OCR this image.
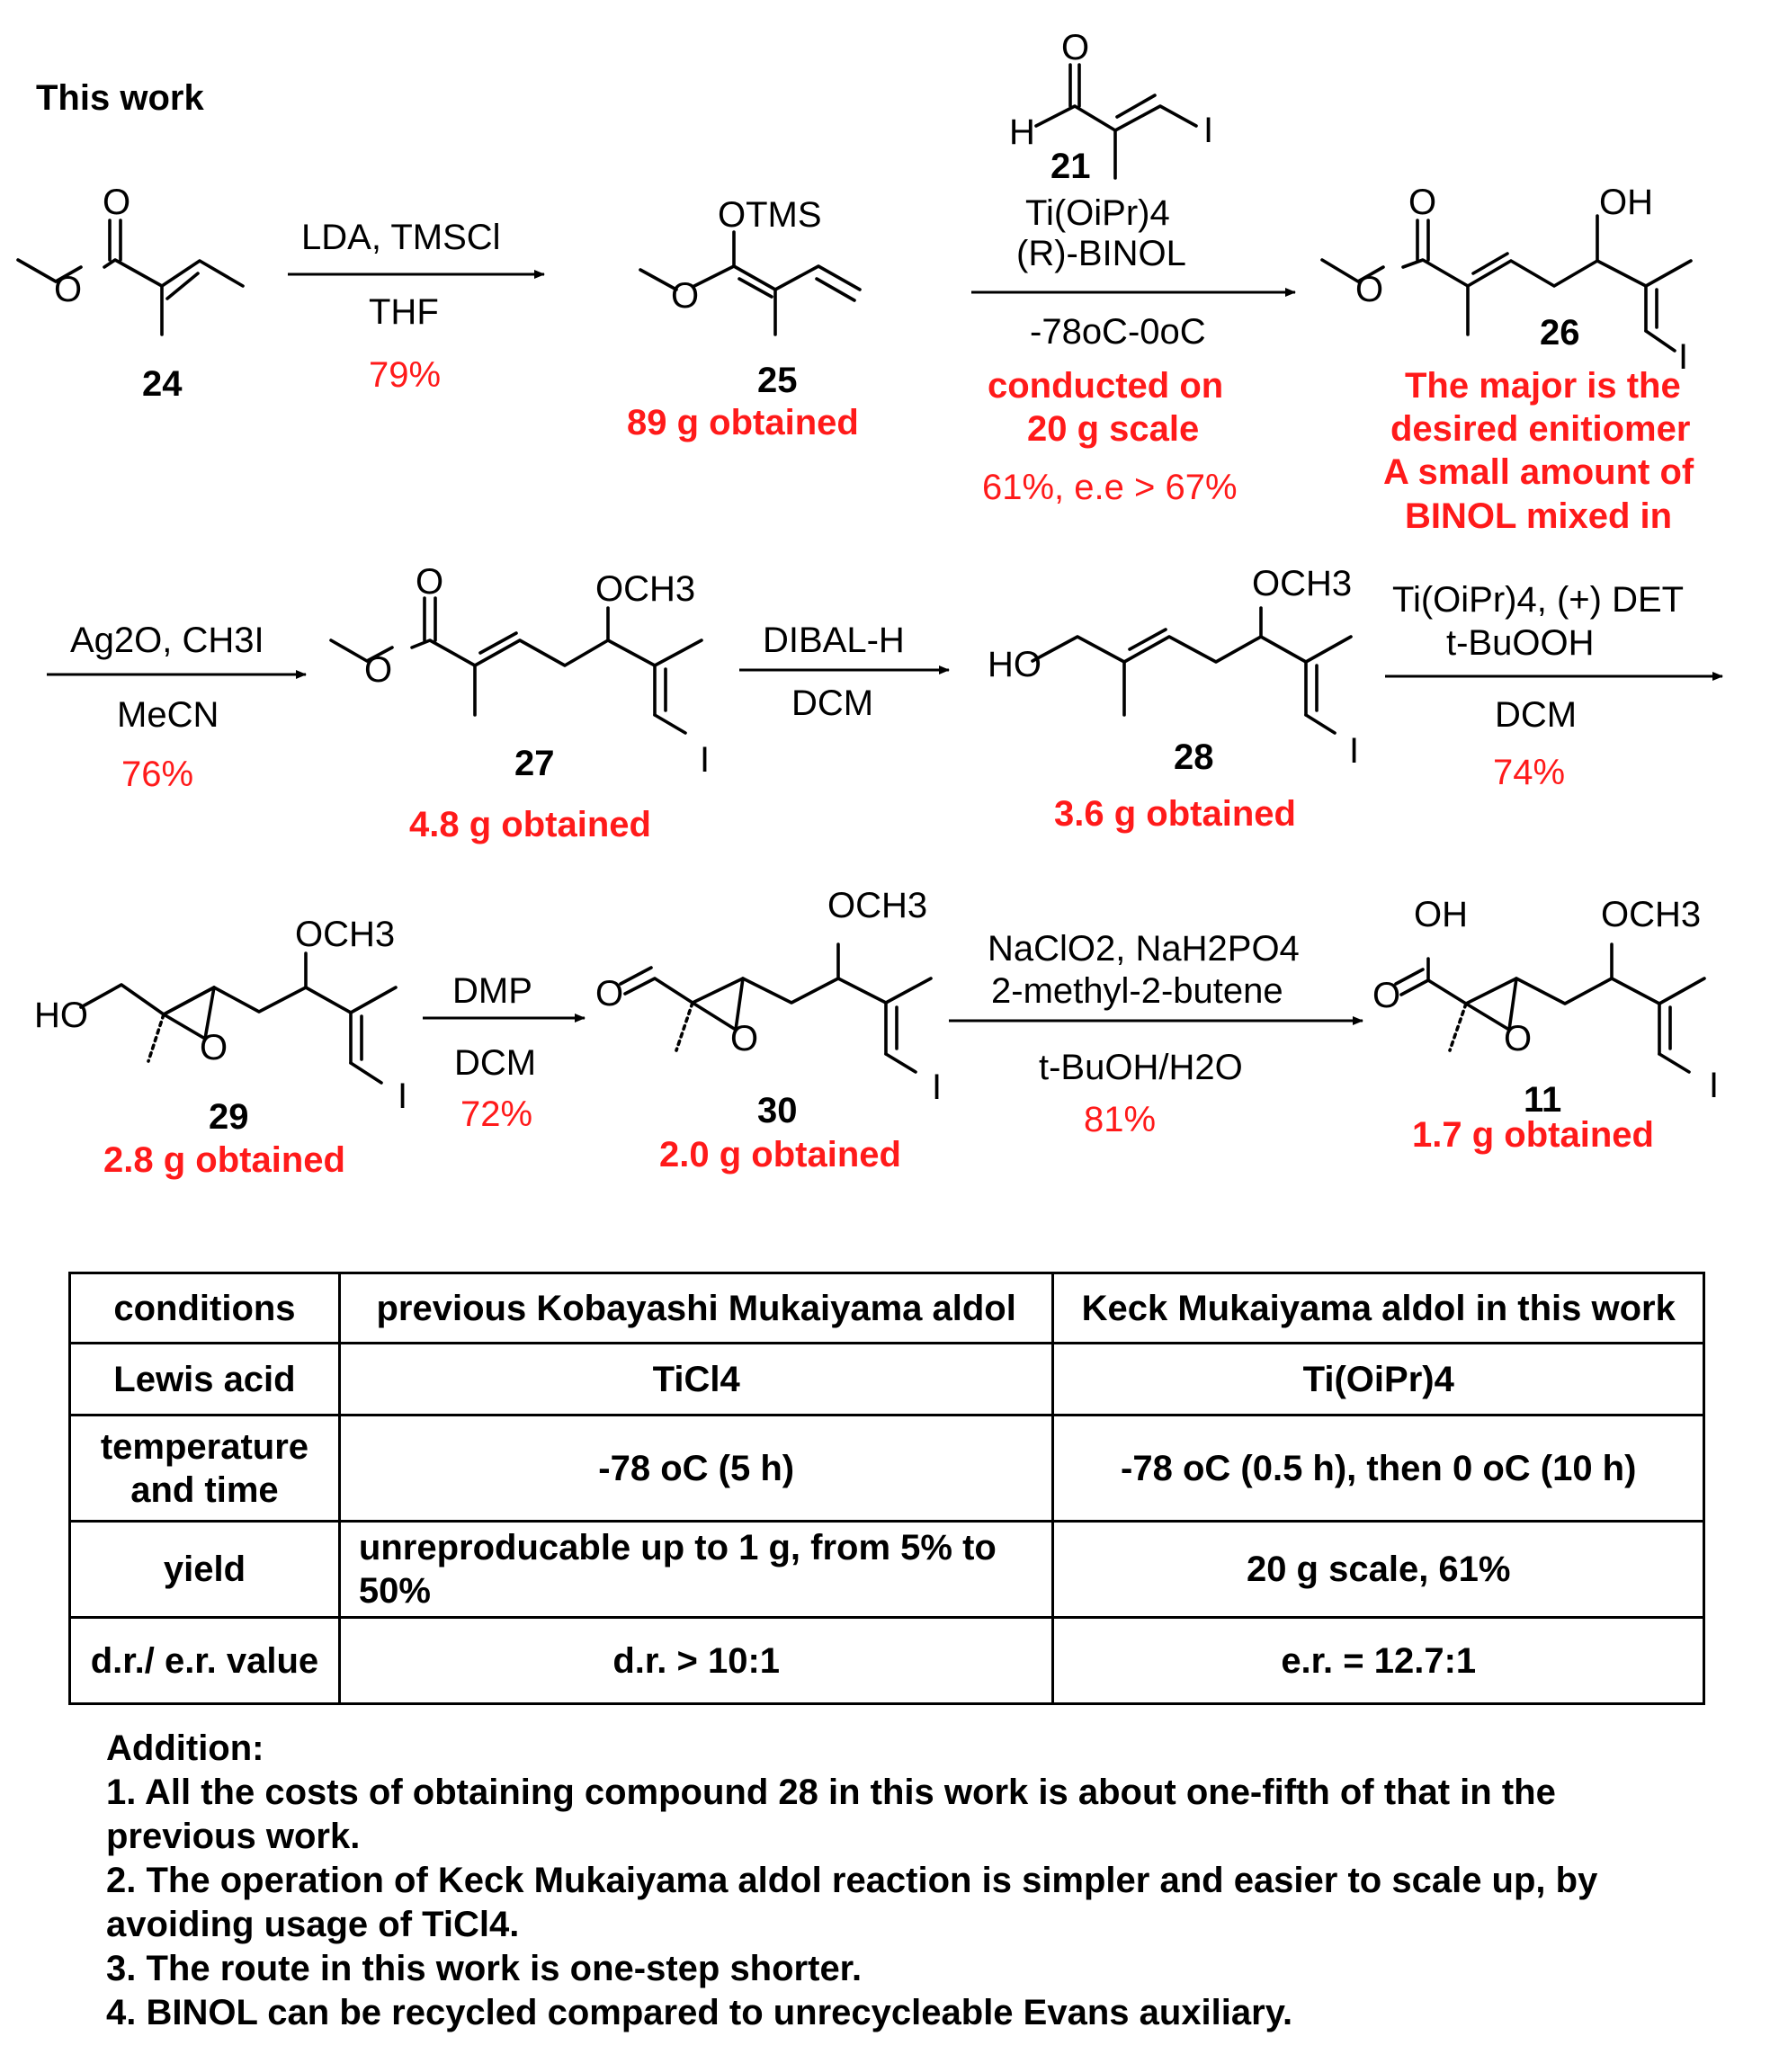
This work
O
O
24
LDA, TMSCl
THF
79%
O
OTMS
25
89 g obtained
O
H	I
21
Ti(OiPr)4
(R)-BINOL
-78oC-0oC
conducted on
20 g scale
61%, e.e > 67%
O
O	OH
I
26
The major is the
desired enitiomer
A small amount of
BINOL mixed in
Ag2O, CH3I
MeCN
76%
O
O	OCH3
I
27
4.8 g obtained
DIBAL-H
DCM
HO
OCH3
I
28
3.6 g obtained
Ti(OiPr)4, (+) DET
t-BuOOH
DCM
74%
HO
O
OCH3
I
29
2.8 g obtained
DMP
DCM
72%
O
O
OCH3
I
30
2.0 g obtained
NaClO2, NaH2PO4
2-methyl-2-butene
t-BuOH/H2O
81%
OH
O
O
OCH3
I
11
1.7 g obtained
conditions	previous Kobayashi Mukaiyama aldol	Keck Mukaiyama aldol in this work
Lewis acid	TiCl4	Ti(OiPr)4
temperature and time	-78 oC (5 h)	-78 oC (0.5 h), then 0 oC (10 h)
yield	unreproducable up to 1 g, from 5% to 50%	20 g scale, 61%
d.r./ e.r. value	d.r. > 10:1	e.r. = 12.7:1
Addition:
1. All the costs of obtaining compound 28 in this work is about one-fifth of that in the previous work.
2. The operation of Keck Mukaiyama aldol reaction is simpler and easier to scale up, by avoiding usage of TiCl4.
3. The route in this work is one-step shorter.
4. BINOL can be recycled compared to unrecycleable Evans auxiliary.
